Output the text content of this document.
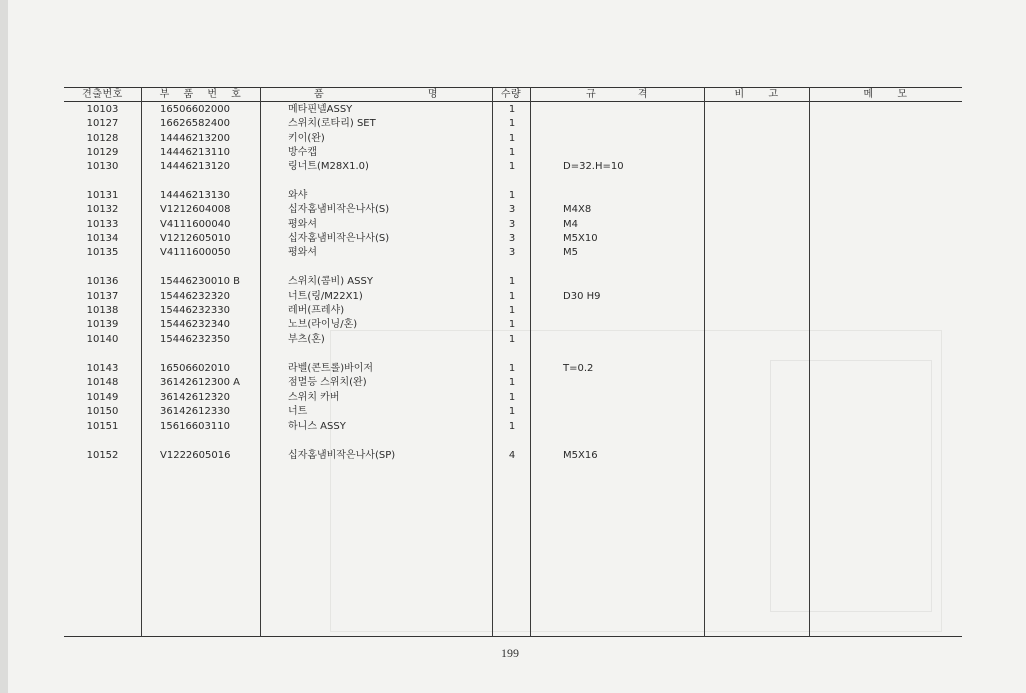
견출번호	부 품 번 호	품 명	수량	규 격	비 고	메 모
10103	16506602000	메타핀넬ASSY	1
10127	16626582400	스위치(로타리) SET	1
10128	14446213200	키이(완)	1
10129	14446213110	방수캡	1
10130	14446213120	링너트(M28X1.0)	1	D=32.H=10
10131	14446213130	와샤	1
10132	V1212604008	십자홈냄비작은나사(S)	3	M4X8
10133	V4111600040	평와셔	3	M4
10134	V1212605010	십자홈냄비작은나사(S)	3	M5X10
10135	V4111600050	평와셔	3	M5
10136	15446230010 B	스위치(콤비) ASSY	1
10137	15446232320	너트(링/M22X1)	1	D30 H9
10138	15446232330	레버(프레샤)	1
10139	15446232340	노브(라이닝/혼)	1
10140	15446232350	부츠(혼)	1
10143	16506602010	라벨(콘트롤)바이저	1	T=0.2
10148	36142612300 A	점멸등 스위치(완)	1
10149	36142612320	스위치 카버	1
10150	36142612330	너트	1
10151	15616603110	하니스 ASSY	1
10152	V1222605016	십자홈냄비작은나사(SP)	4	M5X16
199
